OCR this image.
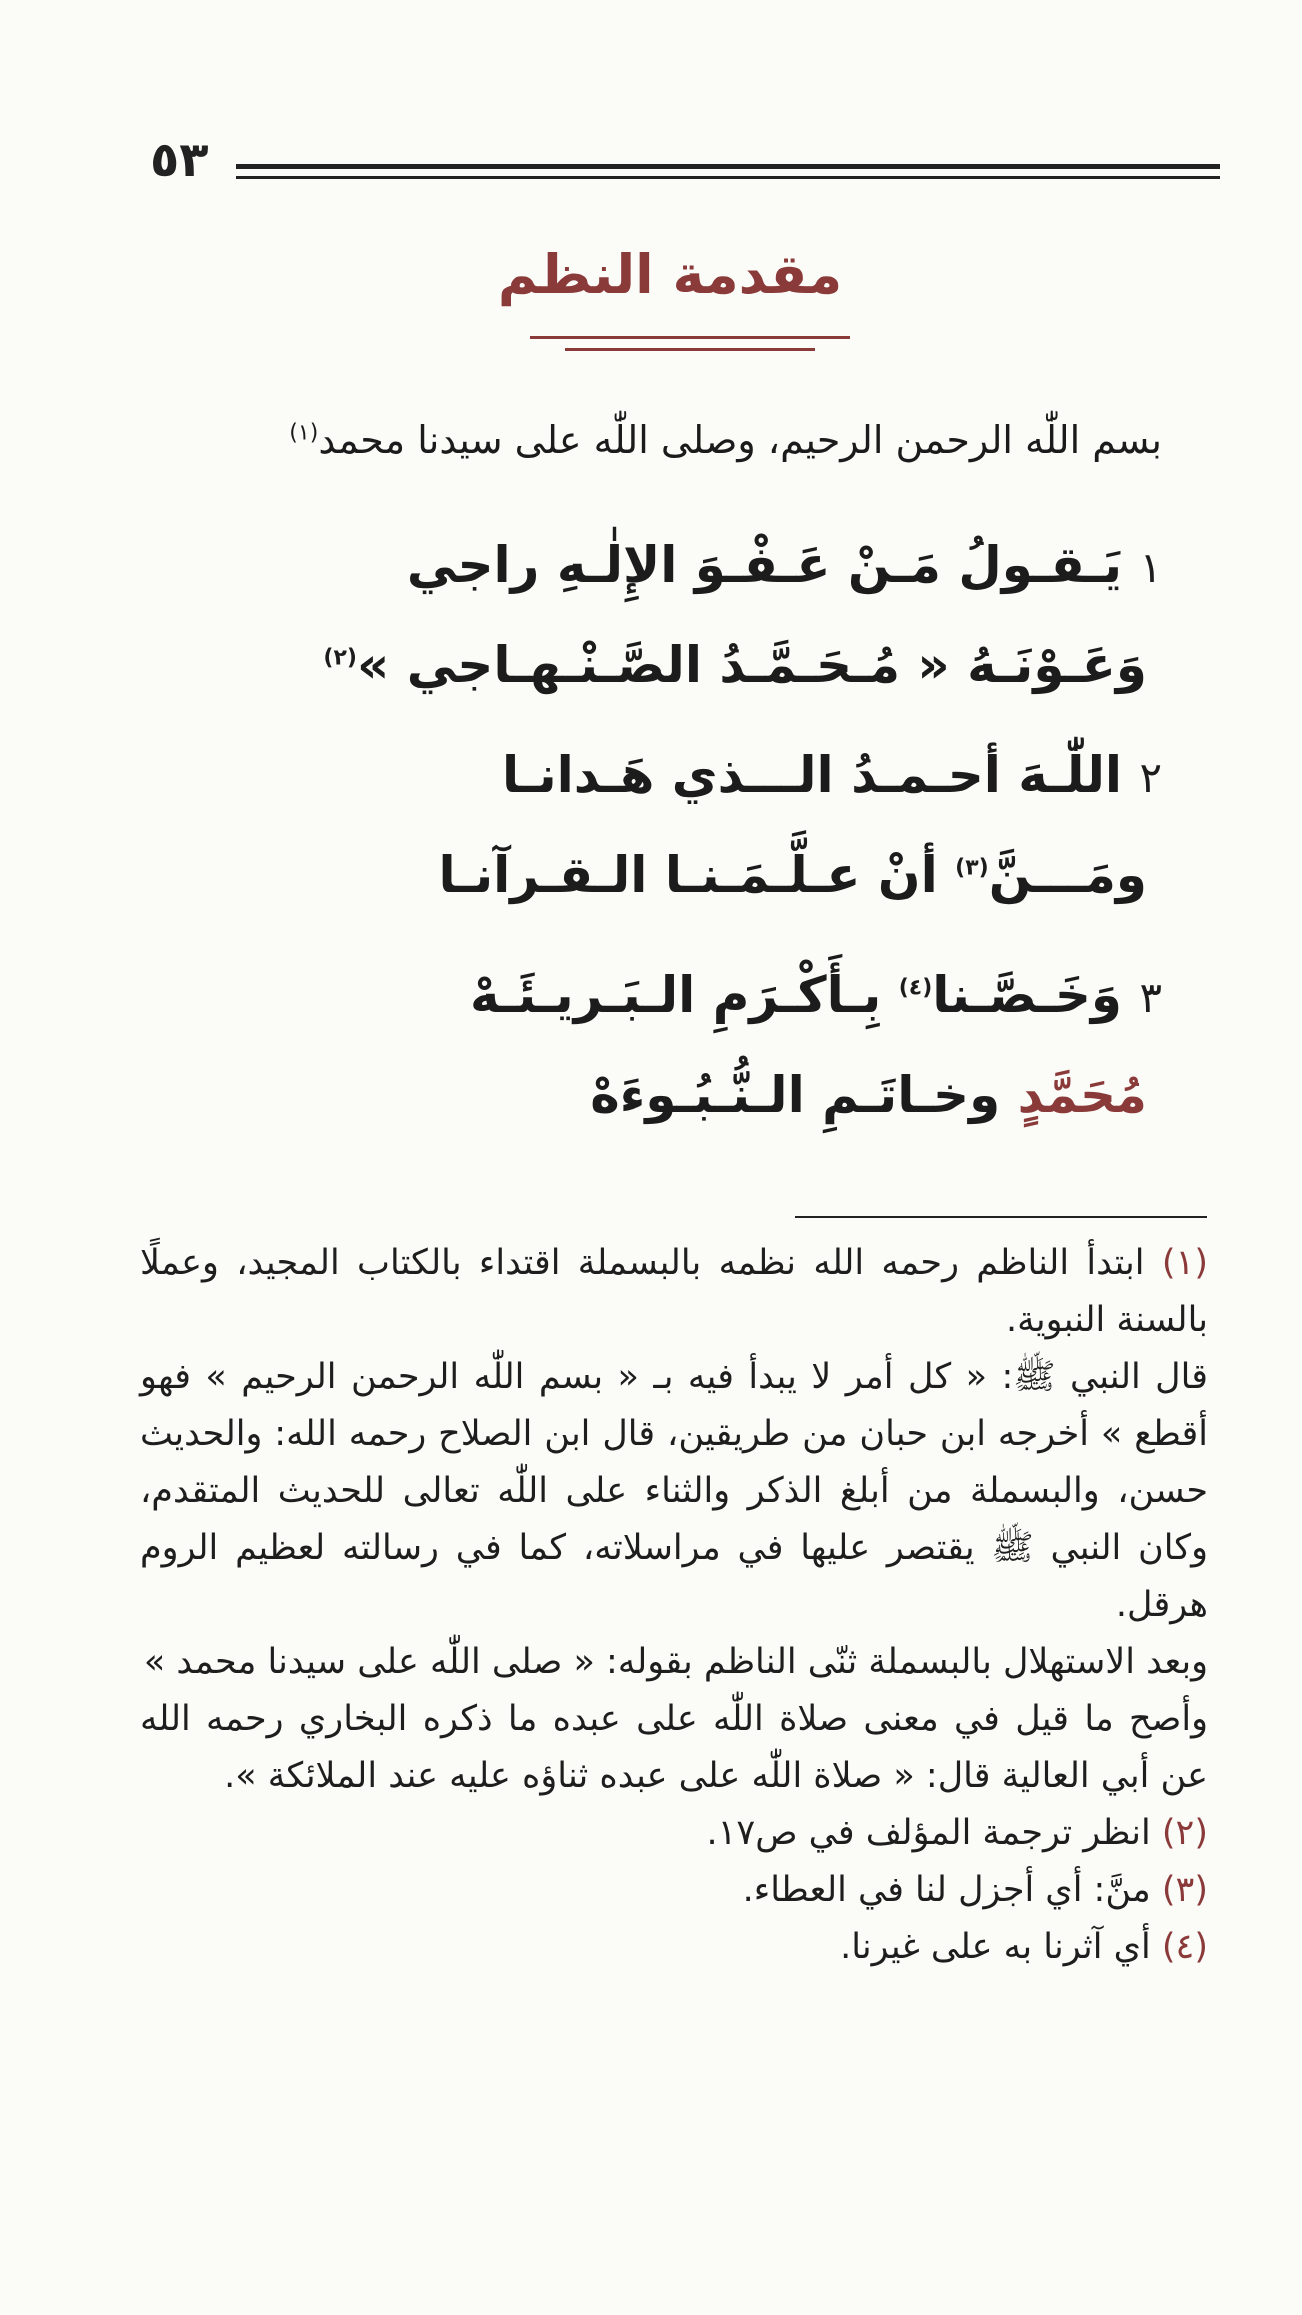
٥٣
مقدمة النظم
بسم اللّٰه الرحمن الرحيم، وصلى اللّٰه على سيدنا محمد$^{(١)}$
١ يَـقـولُ مَـنْ عَـفْـوَ الإِلٰـهِ راجي
وَعَـوْنَـهُ « مُـحَـمَّـدُ الصَّـنْـهـاجي »$^{(٢)}$
٢ اللّٰـهَ أحـمـدُ الـــذي هَـدانـا
ومَـــنَّ$^{(٣)}$ أنْ عـلَّـمَـنـا الـقـرآنـا
٣ وَخَـصَّـنا$^{(٤)}$ بِـأَكْـرَمِ الـبَـريـئَـهْ
مُحَمَّدٍ وخـاتَـمِ الـنُّـبُـوءَهْ

(١) ابتدأ الناظم رحمه الله نظمه بالبسملة اقتداء بالكتاب المجيد، وعملًا بالسنة النبوية.

قال النبي ﷺ: « كل أمر لا يبدأ فيه بـ « بسم اللّٰه الرحمن الرحيم » فهو أقطع » أخرجه ابن حبان من طريقين، قال ابن الصلاح رحمه الله: والحديث حسن، والبسملة من أبلغ الذكر والثناء على اللّٰه تعالى للحديث المتقدم، وكان النبي ﷺ يقتصر عليها في مراسلاته، كما في رسالته لعظيم الروم هرقل.

وبعد الاستهلال بالبسملة ثنّى الناظم بقوله: « صلى اللّٰه على سيدنا محمد »

وأصح ما قيل في معنى صلاة اللّٰه على عبده ما ذكره البخاري رحمه الله عن أبي العالية قال: « صلاة اللّٰه على عبده ثناؤه عليه عند الملائكة ».

(٢) انظر ترجمة المؤلف في ص١٧.

(٣) منَّ: أي أجزل لنا في العطاء.

(٤) أي آثرنا به على غيرنا.
